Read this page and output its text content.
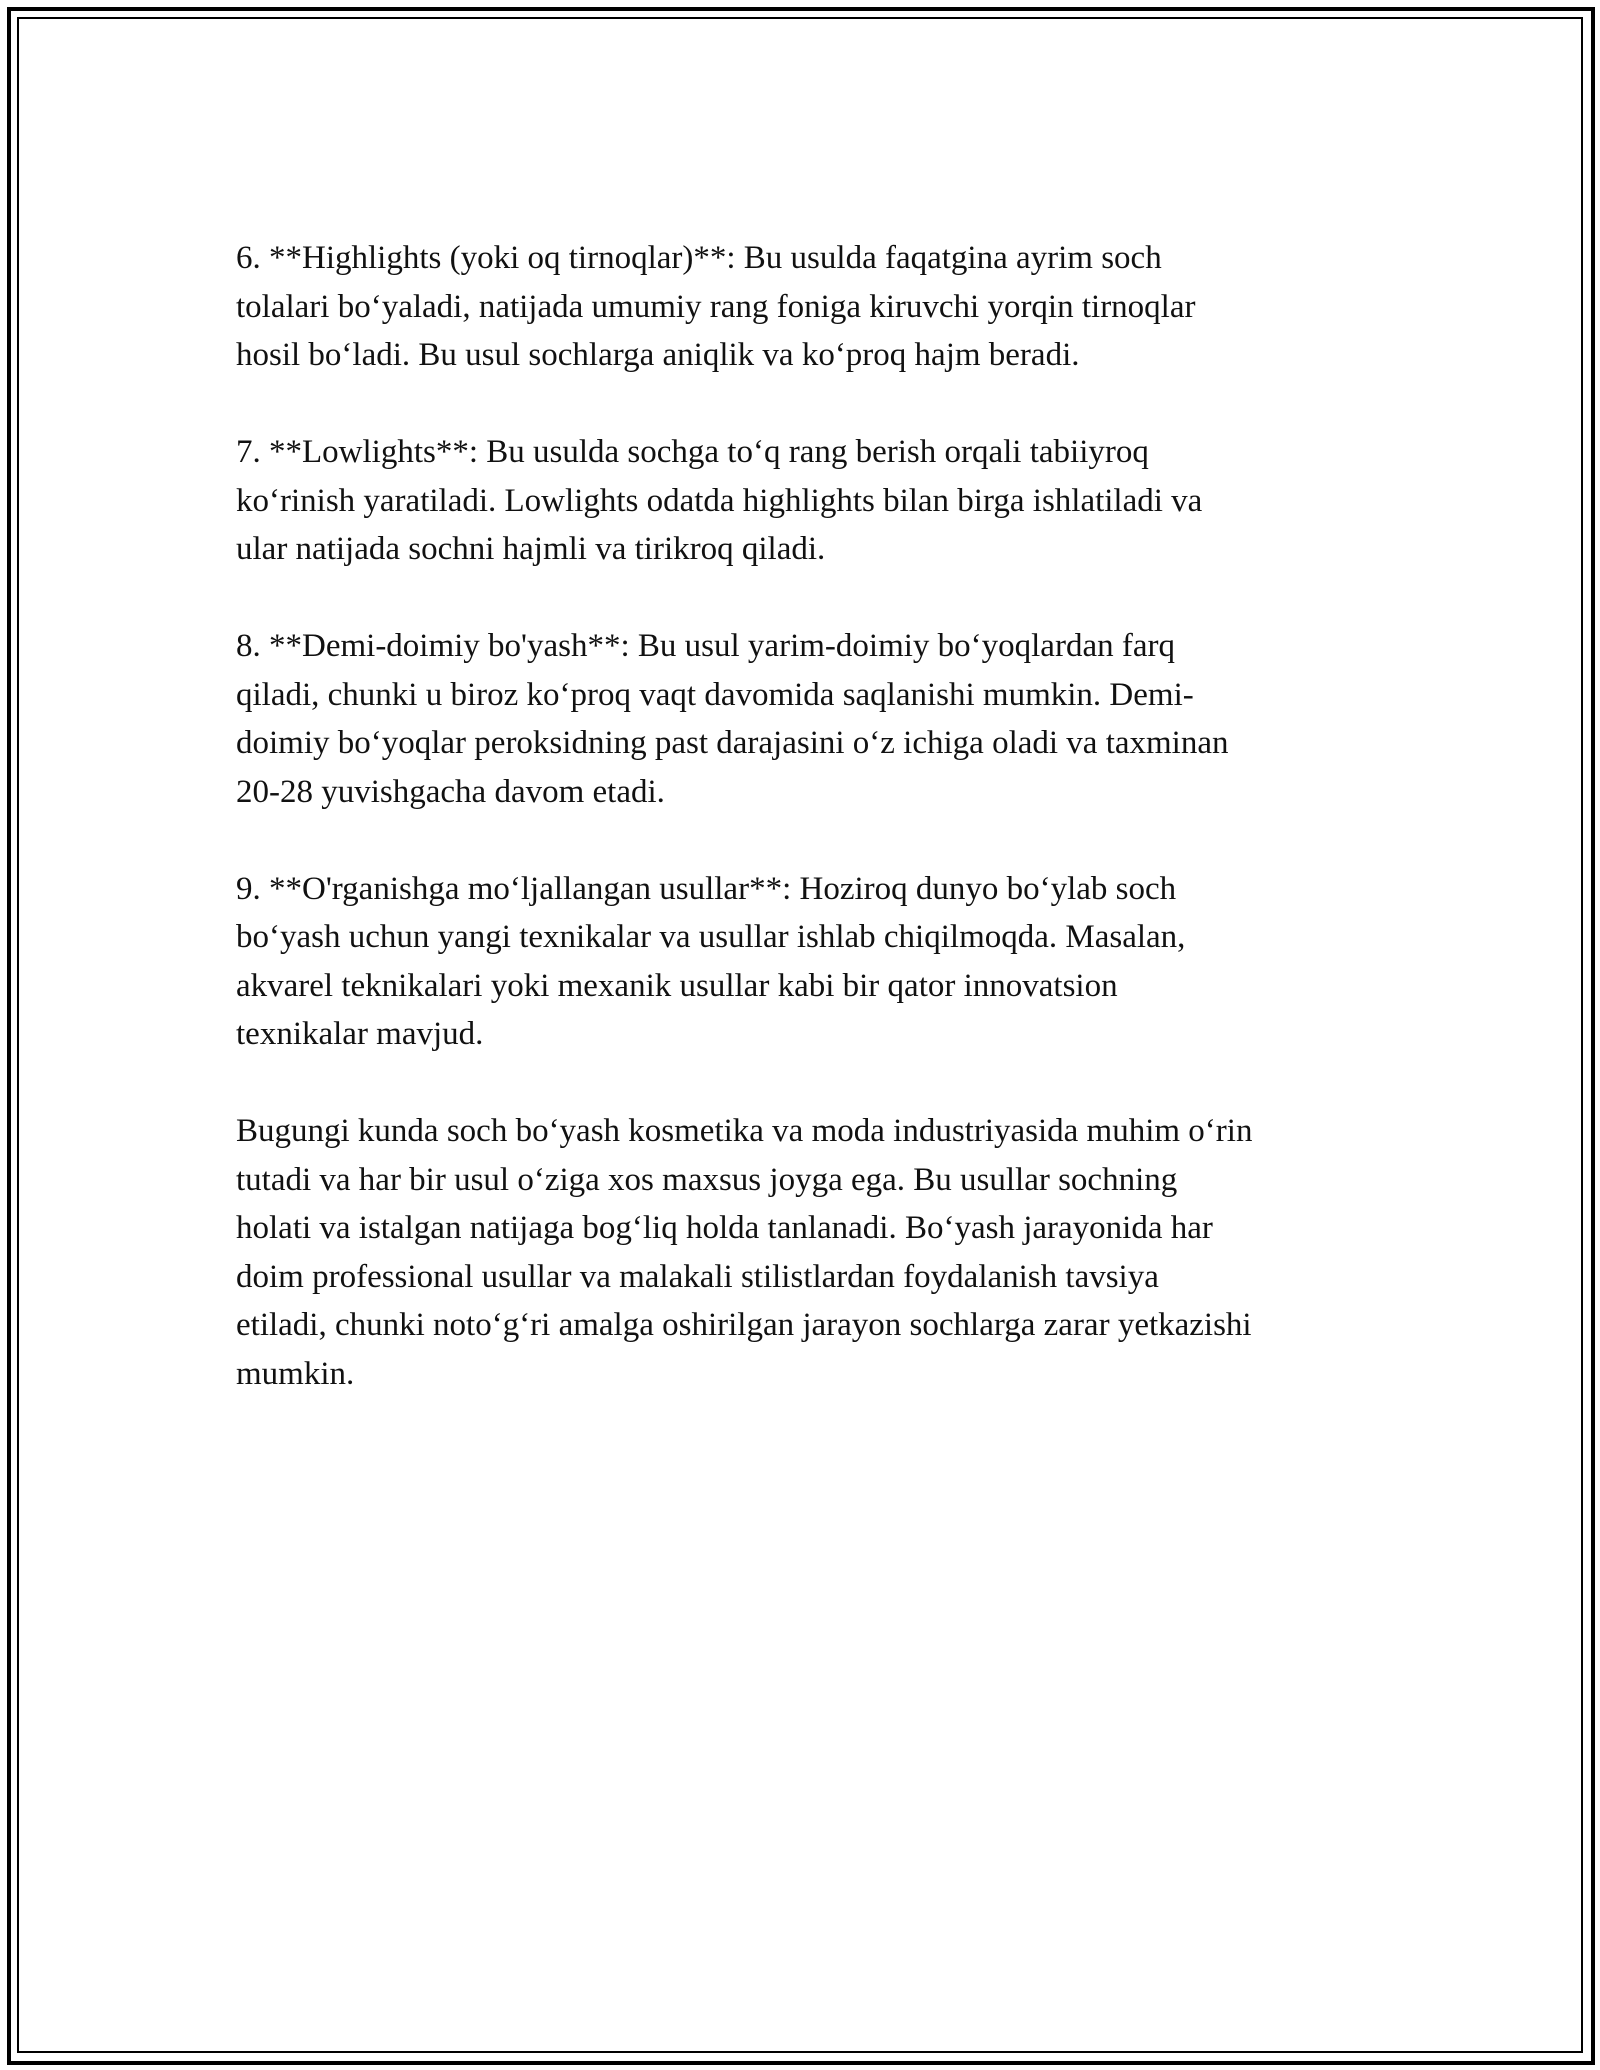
6. **Highlights (yoki oq tirnoqlar)**: Bu usulda faqatgina ayrim soch
tolalari bo‘yaladi, natijada umumiy rang foniga kiruvchi yorqin tirnoqlar
hosil bo‘ladi. Bu usul sochlarga aniqlik va ko‘proq hajm beradi.

7. **Lowlights**: Bu usulda sochga to‘q rang berish orqali tabiiyroq
ko‘rinish yaratiladi. Lowlights odatda highlights bilan birga ishlatiladi va
ular natijada sochni hajmli va tirikroq qiladi.

8. **Demi-doimiy bo'yash**: Bu usul yarim-doimiy bo‘yoqlardan farq
qiladi, chunki u biroz ko‘proq vaqt davomida saqlanishi mumkin. Demi-
doimiy bo‘yoqlar peroksidning past darajasini o‘z ichiga oladi va taxminan
20-28 yuvishgacha davom etadi.

9. **O'rganishga mo‘ljallangan usullar**: Hoziroq dunyo bo‘ylab soch
bo‘yash uchun yangi texnikalar va usullar ishlab chiqilmoqda. Masalan,
akvarel teknikalari yoki mexanik usullar kabi bir qator innovatsion
texnikalar mavjud.

Bugungi kunda soch bo‘yash kosmetika va moda industriyasida muhim o‘rin
tutadi va har bir usul o‘ziga xos maxsus joyga ega. Bu usullar sochning
holati va istalgan natijaga bog‘liq holda tanlanadi. Bo‘yash jarayonida har
doim professional usullar va malakali stilistlardan foydalanish tavsiya
etiladi, chunki noto‘g‘ri amalga oshirilgan jarayon sochlarga zarar yetkazishi
mumkin.
